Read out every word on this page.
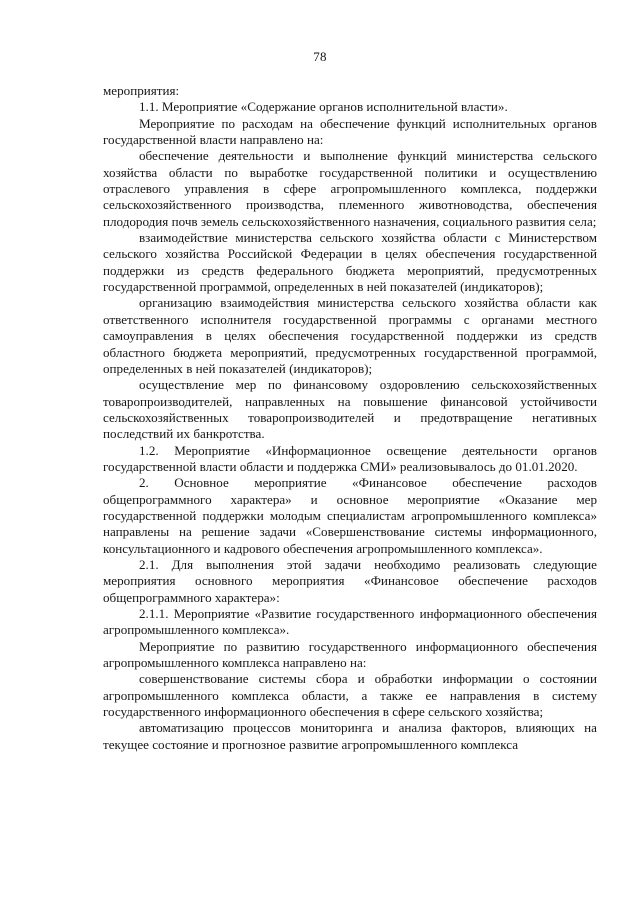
78

мероприятия:

1.1. Мероприятие «Содержание органов исполнительной власти».

Мероприятие по расходам на обеспечение функций исполнительных органов государственной власти направлено на:

обеспечение деятельности и выполнение функций министерства сельского хозяйства области по выработке государственной политики и осуществлению отраслевого управления в сфере агропромышленного комплекса, поддержки сельскохозяйственного производства, племенного животноводства, обеспечения плодородия почв земель сельскохозяйственного назначения, социального развития села;

взаимодействие министерства сельского хозяйства области с Министерством сельского хозяйства Российской Федерации в целях обеспечения государственной поддержки из средств федерального бюджета мероприятий, предусмотренных государственной программой, определенных в ней показателей (индикаторов);

организацию взаимодействия министерства сельского хозяйства области как ответственного исполнителя государственной программы с органами местного самоуправления в целях обеспечения государственной поддержки из средств областного бюджета мероприятий, предусмотренных государственной программой, определенных в ней показателей (индикаторов);

осуществление мер по финансовому оздоровлению сельскохозяйственных товаропроизводителей, направленных на повышение финансовой устойчивости сельскохозяйственных товаропроизводителей и предотвращение негативных последствий их банкротства.

1.2. Мероприятие «Информационное освещение деятельности органов государственной власти области и поддержка СМИ» реализовывалось до 01.01.2020.

2. Основное мероприятие «Финансовое обеспечение расходов общепрограммного характера» и основное мероприятие «Оказание мер государственной поддержки молодым специалистам агропромышленного комплекса» направлены на решение задачи «Совершенствование системы информационного, консультационного и кадрового обеспечения агропромышленного комплекса».

2.1. Для выполнения этой задачи необходимо реализовать следующие мероприятия основного мероприятия «Финансовое обеспечение расходов общепрограммного характера»:

2.1.1. Мероприятие «Развитие государственного информационного обеспечения агропромышленного комплекса».

Мероприятие по развитию государственного информационного обеспечения агропромышленного комплекса направлено на:

совершенствование системы сбора и обработки информации о состоянии агропромышленного комплекса области, а также ее направления в систему государственного информационного обеспечения в сфере сельского хозяйства;

автоматизацию процессов мониторинга и анализа факторов, влияющих на текущее состояние и прогнозное развитие агропромышленного комплекса
